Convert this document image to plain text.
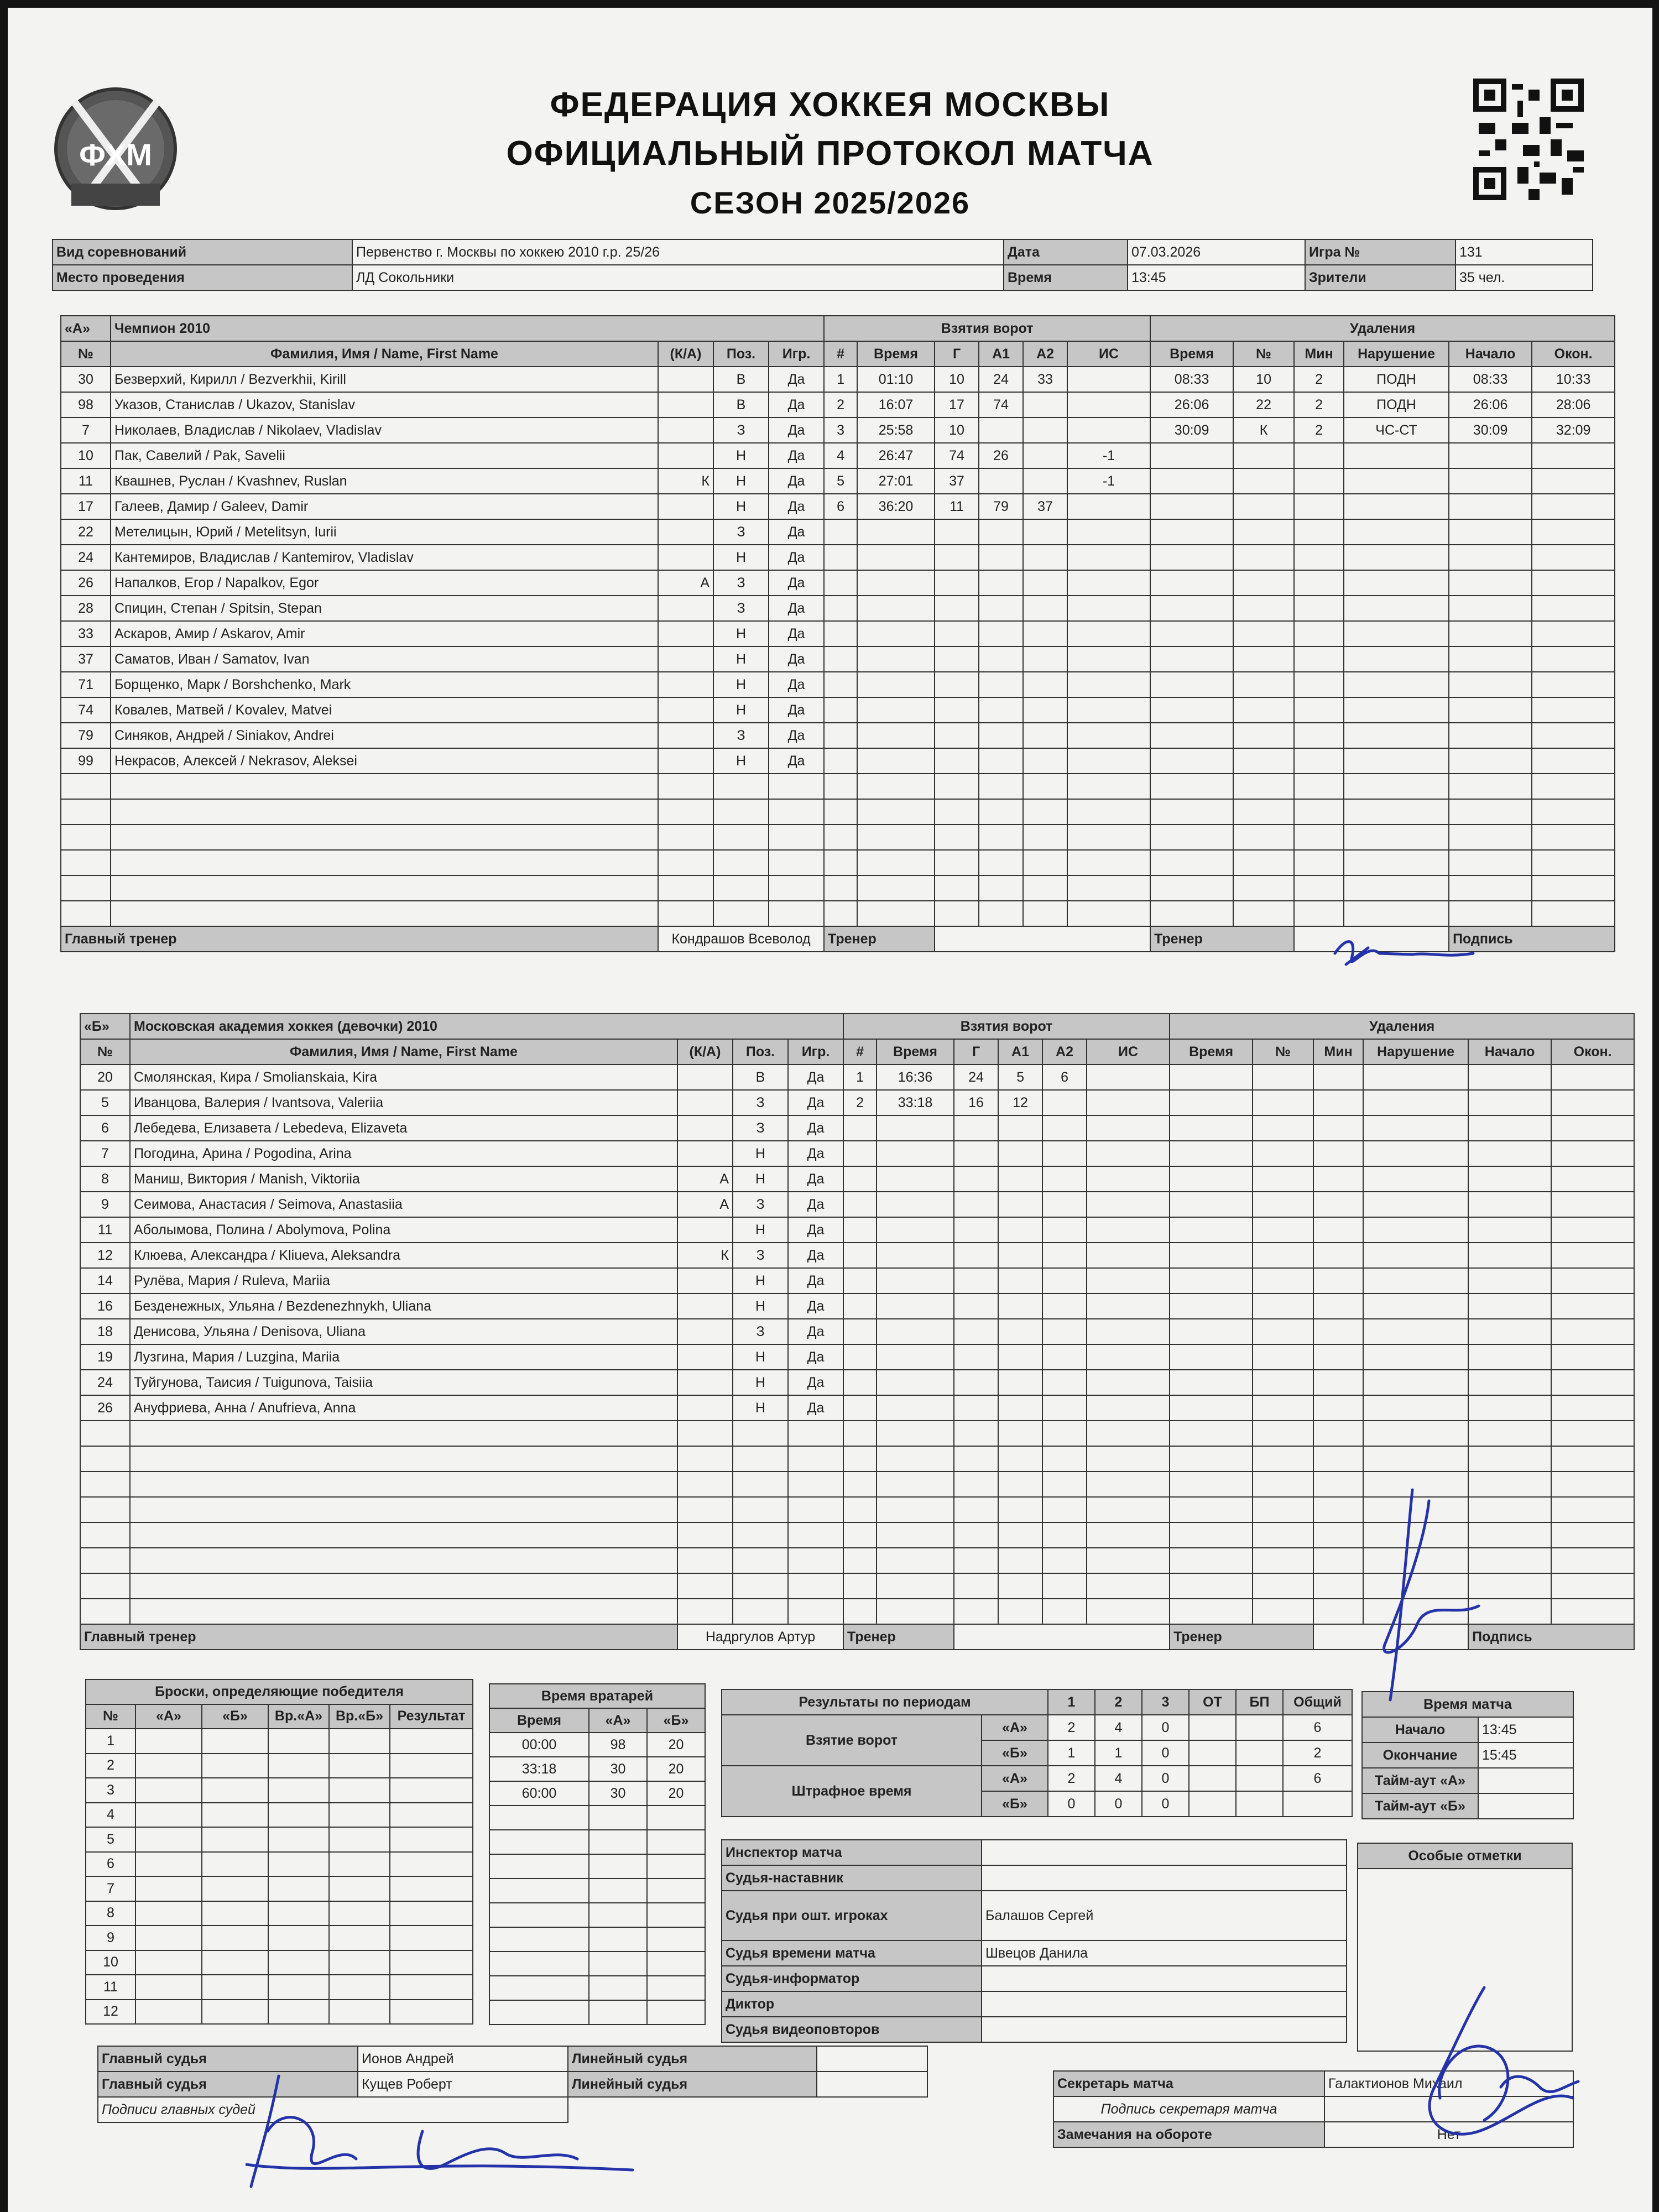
ФХМ
ФЕДЕРАЦИЯ ХОККЕЯ МОСКВЫ
ОФИЦИАЛЬНЫЙ ПРОТОКОЛ МАТЧА
СЕЗОН 2025/2026
Вид соревнований	Первенство г. Москвы по хоккею 2010 г.р. 25/26	Дата	07.03.2026	Игра №	131
Место проведения	ЛД Сокольники	Время	13:45	Зрители	35 чел.
«А»	Чемпион 2010				Взятия ворот						Удаления					
№	Фамилия, Имя / Name, First Name	(К/А)	Поз.	Игр.	#	Время	Г	А1	А2	ИС	Время	№	Мин	Нарушение	Начало	Окон.
30	Безверхий, Кирилл / Bezverkhii, Kirill		В	Да	1	01:10	10	24	33		08:33	10	2	ПОДН	08:33	10:33
98	Указов, Станислав / Ukazov, Stanislav		В	Да	2	16:07	17	74			26:06	22	2	ПОДН	26:06	28:06
7	Николаев, Владислав / Nikolaev, Vladislav		З	Да	3	25:58	10				30:09	К	2	ЧС-СТ	30:09	32:09
10	Пак, Савелий / Pak, Savelii		Н	Да	4	26:47	74	26		-1						
11	Квашнев, Руслан / Kvashnev, Ruslan	К	Н	Да	5	27:01	37			-1						
17	Галеев, Дамир / Galeev, Damir		Н	Да	6	36:20	11	79	37							
22	Метелицын, Юрий / Metelitsyn, Iurii		З	Да												
24	Кантемиров, Владислав / Kantemirov, Vladislav		Н	Да												
26	Напалков, Егор / Napalkov, Egor	А	З	Да												
28	Спицин, Степан / Spitsin, Stepan		З	Да												
33	Аскаров, Амир / Askarov, Amir		Н	Да												
37	Саматов, Иван / Samatov, Ivan		Н	Да												
71	Борщенко, Марк / Borshchenko, Mark		Н	Да												
74	Ковалев, Матвей / Kovalev, Matvei		Н	Да												
79	Синяков, Андрей / Siniakov, Andrei		З	Да												
99	Некрасов, Алексей / Nekrasov, Aleksei		Н	Да												

Главный тренер		Кондрашов Всеволод			Тренер						Тренер				Подпись	
«Б»	Московская академия хоккея (девочки) 2010				Взятия ворот						Удаления					
№	Фамилия, Имя / Name, First Name	(К/А)	Поз.	Игр.	#	Время	Г	А1	А2	ИС	Время	№	Мин	Нарушение	Начало	Окон.
20	Смолянская, Кира / Smolianskaia, Kira		В	Да	1	16:36	24	5	6							
5	Иванцова, Валерия / Ivantsova, Valeriia		З	Да	2	33:18	16	12								
6	Лебедева, Елизавета / Lebedeva, Elizaveta		З	Да												
7	Погодина, Арина / Pogodina, Arina		Н	Да												
8	Маниш, Виктория / Manish, Viktoriia	А	Н	Да												
9	Сеимова, Анастасия / Seimova, Anastasiia	А	З	Да												
11	Аболымова, Полина / Abolymova, Polina		Н	Да												
12	Клюева, Александра / Kliueva, Aleksandra	К	З	Да												
14	Рулёва, Мария / Ruleva, Mariia		Н	Да												
16	Безденежных, Ульяна / Bezdenezhnykh, Uliana		Н	Да												
18	Денисова, Ульяна / Denisova, Uliana		З	Да												
19	Лузгина, Мария / Luzgina, Mariia		Н	Да												
24	Туйгунова, Таисия / Tuigunova, Taisiia		Н	Да												
26	Ануфриева, Анна / Anufrieva, Anna		Н	Да												

Главный тренер		Надргулов Артур			Тренер						Тренер				Подпись	
Броски, определяющие победителя					
№	«А»	«Б»	Вр.«А»	Вр.«Б»	Результат
1					
2					
3					
4					
5					
6					
7					
8					
9					
10					
11					
12					
Время вратарей		
Время	«А»	«Б»
00:00	98	20
33:18	30	20
60:00	30	20

Результаты по периодам		1	2	3	ОТ	БП	Общий
Взятие ворот	«А»	2	4	0			6
	«Б»	1	1	0			2
Штрафное время	«А»	2	4	0			6
	«Б»	0	0	0			
Время матча	
Начало	13:45
Окончание	15:45
Тайм-аут «А»	
Тайм-аут «Б»	
Инспектор матча	
Судья-наставник	
Судья при ошт. игроках	Балашов Сергей
Судья времени матча	Швецов Данила
Судья-информатор	
Диктор	
Судья видеоповторов	
Особые отметки

Главный судья	Ионов Андрей	Линейный судья	
Главный судья	Кущев Роберт	Линейный судья	
Подписи главных судей			
Секретарь матча	Галактионов Михаил
Подпись секретаря матча	
Замечания на обороте	Нет
